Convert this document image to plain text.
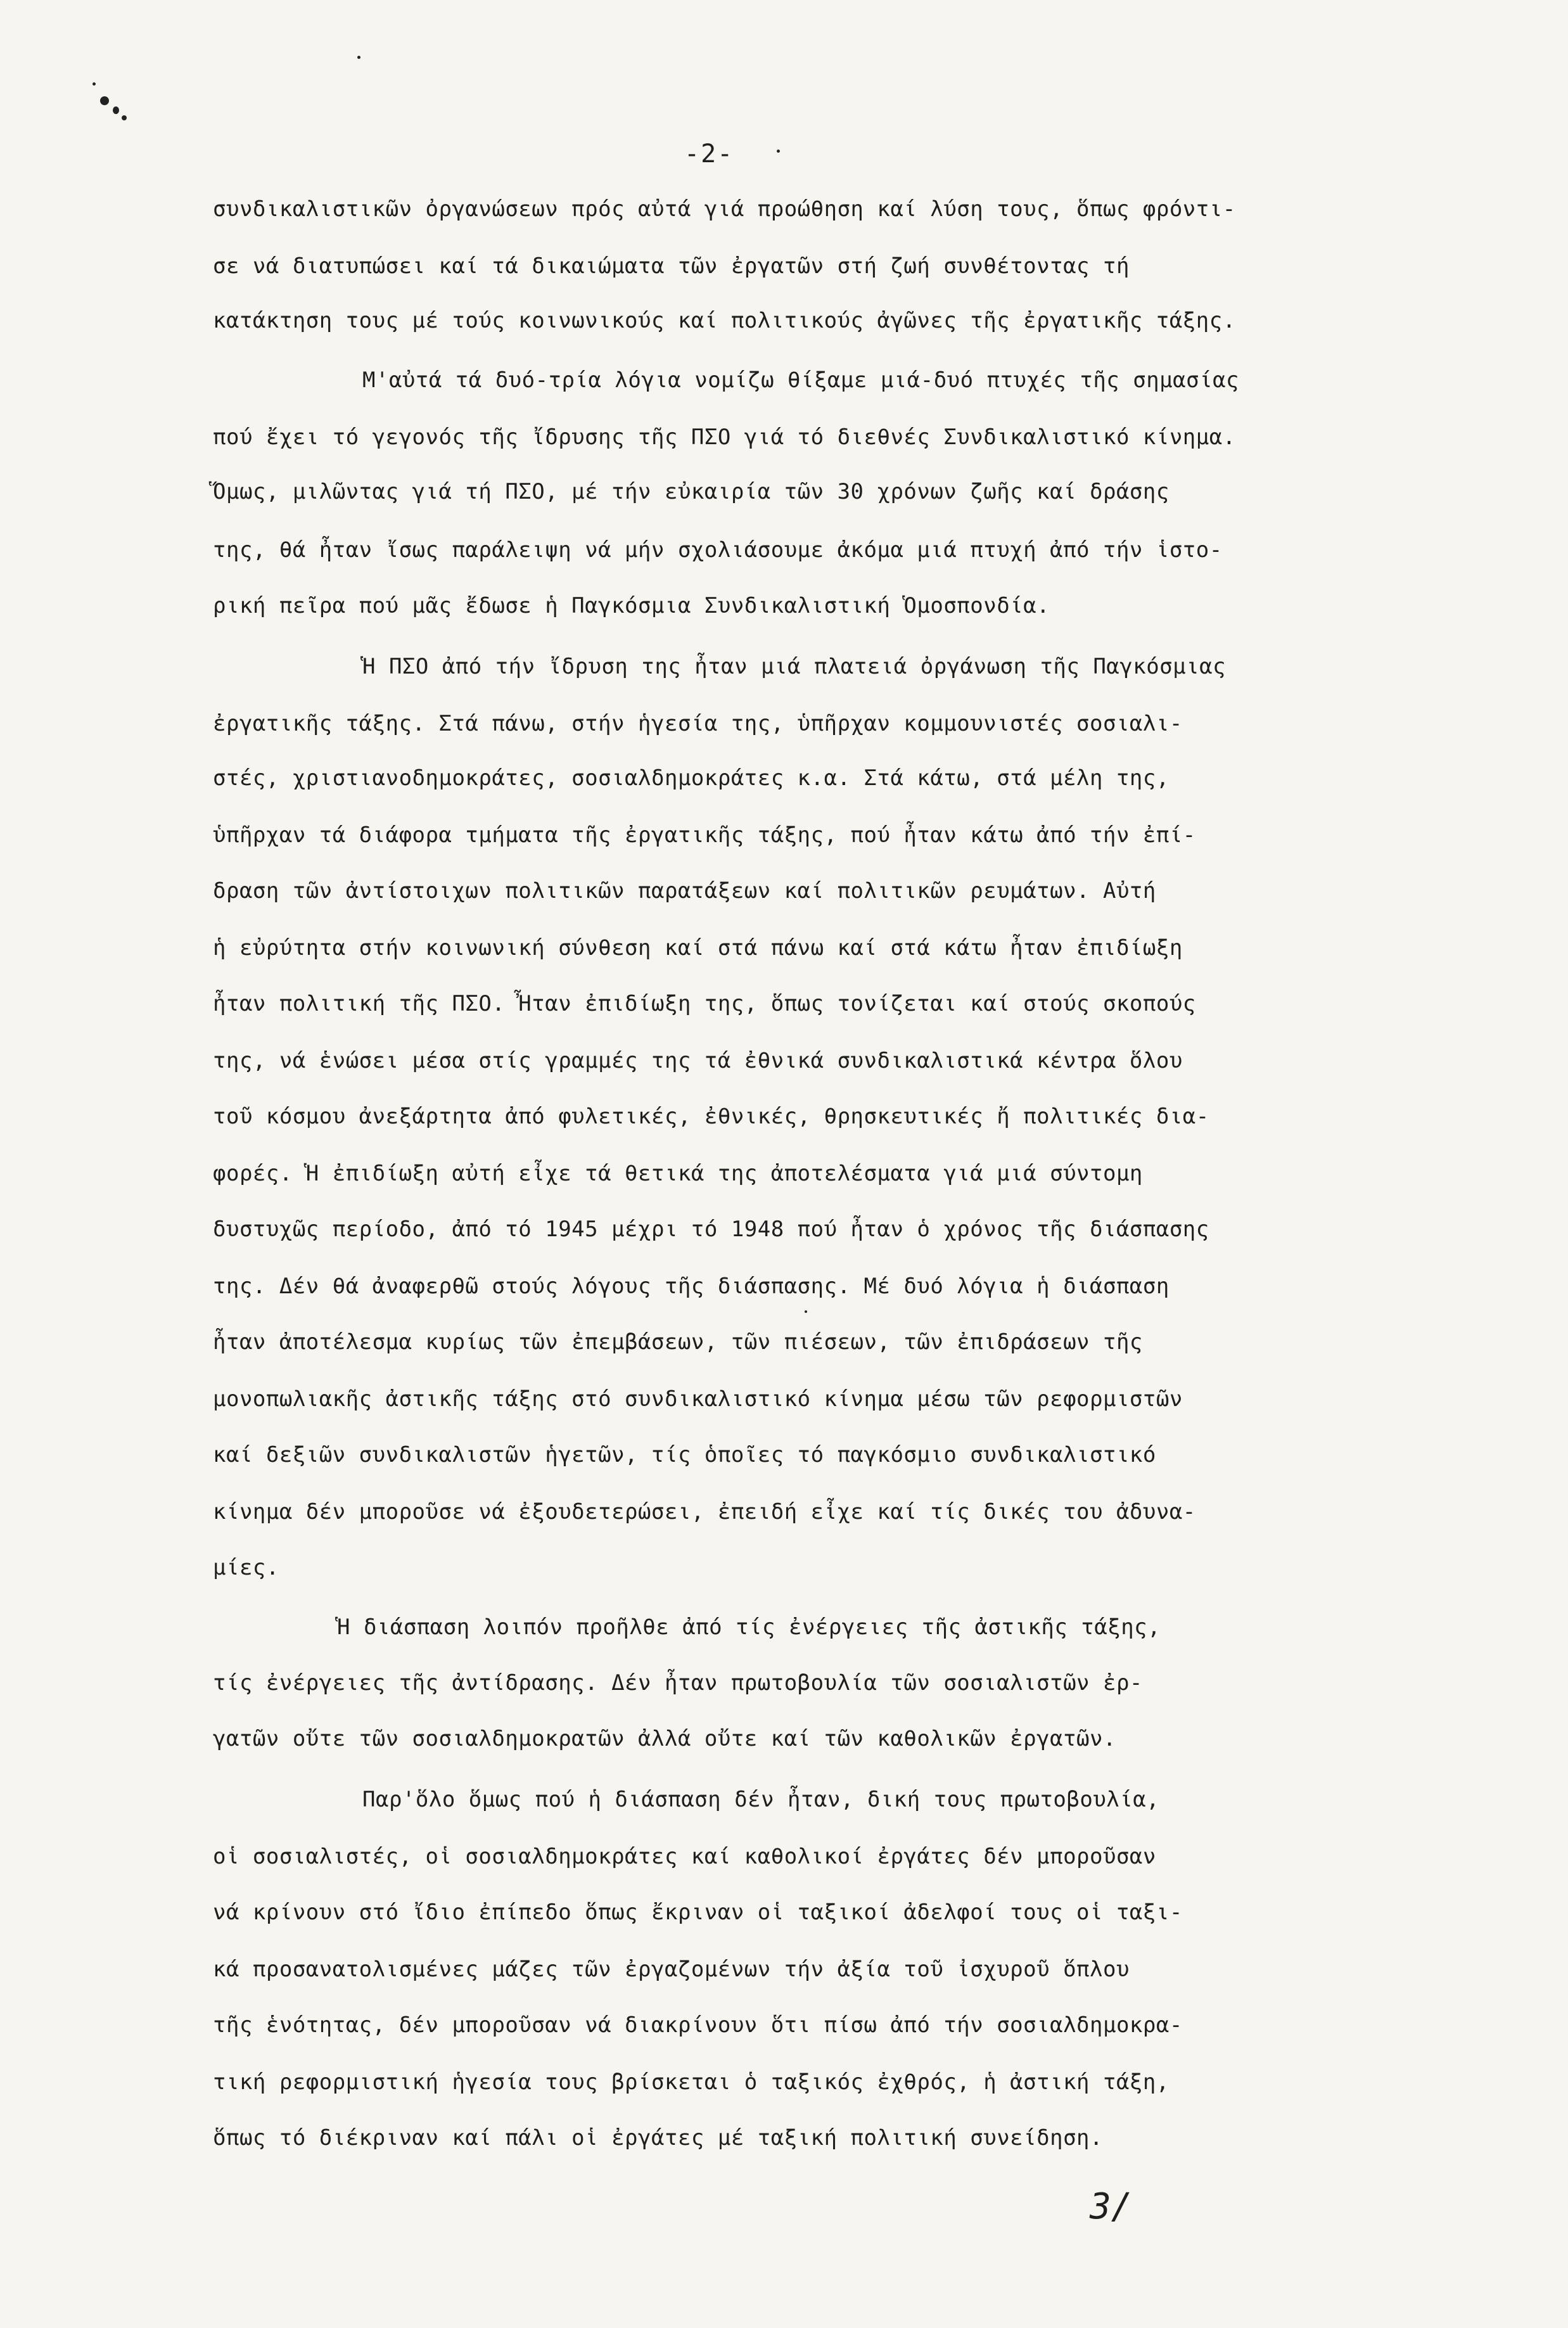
-2-
συνδικαλιστικῶν ὀργανώσεων πρός αὐτά γιά προώθηση καί λύση τους, ὅπως φρόντι-
σε νά διατυπώσει καί τά δικαιώματα τῶν ἐργατῶν στή ζωή συνθέτοντας τή
κατάκτηση τους μέ τούς κοινωνικούς καί πολιτικούς ἀγῶνες τῆς ἐργατικῆς τάξης.
Μ'αὐτά τά δυό-τρία λόγια νομίζω θίξαμε μιά-δυό πτυχές τῆς σημασίας
πού ἔχει τό γεγονός τῆς ἴδρυσης τῆς ΠΣΟ γιά τό διεθνές Συνδικαλιστικό κίνημα.
Ὅμως, μιλῶντας γιά τή ΠΣΟ, μέ τήν εὐκαιρία τῶν 30 χρόνων ζωῆς καί δράσης
της, θά ἦταν ἴσως παράλειψη νά μήν σχολιάσουμε ἀκόμα μιά πτυχή ἀπό τήν ἱστο-
ρική πεῖρα πού μᾶς ἔδωσε ἡ Παγκόσμια Συνδικαλιστική Ὁμοσπονδία.
Ἡ ΠΣΟ ἀπό τήν ἴδρυση της ἦταν μιά πλατειά ὀργάνωση τῆς Παγκόσμιας
ἐργατικῆς τάξης. Στά πάνω, στήν ἡγεσία της, ὑπῆρχαν κομμουνιστές σοσιαλι-
στές, χριστιανοδημοκράτες, σοσιαλδημοκράτες κ.α. Στά κάτω, στά μέλη της,
ὑπῆρχαν τά διάφορα τμήματα τῆς ἐργατικῆς τάξης, πού ἦταν κάτω ἀπό τήν ἐπί-
δραση τῶν ἀντίστοιχων πολιτικῶν παρατάξεων καί πολιτικῶν ρευμάτων. Αὐτή
ἡ εὐρύτητα στήν κοινωνική σύνθεση καί στά πάνω καί στά κάτω ἦταν ἐπιδίωξη
ἦταν πολιτική τῆς ΠΣΟ. Ἦταν ἐπιδίωξη της, ὅπως τονίζεται καί στούς σκοπούς
της, νά ἑνώσει μέσα στίς γραμμές της τά ἐθνικά συνδικαλιστικά κέντρα ὅλου
τοῦ κόσμου ἀνεξάρτητα ἀπό φυλετικές, ἐθνικές, θρησκευτικές ἤ πολιτικές δια-
φορές. Ἡ ἐπιδίωξη αὐτή εἶχε τά θετικά της ἀποτελέσματα γιά μιά σύντομη
δυστυχῶς περίοδο, ἀπό τό 1945 μέχρι τό 1948 πού ἦταν ὁ χρόνος τῆς διάσπασης
της. Δέν θά ἀναφερθῶ στούς λόγους τῆς διάσπασης. Μέ δυό λόγια ἡ διάσπαση
ἦταν ἀποτέλεσμα κυρίως τῶν ἐπεμβάσεων, τῶν πιέσεων, τῶν ἐπιδράσεων τῆς
μονοπωλιακῆς ἀστικῆς τάξης στό συνδικαλιστικό κίνημα μέσω τῶν ρεφορμιστῶν
καί δεξιῶν συνδικαλιστῶν ἡγετῶν, τίς ὁποῖες τό παγκόσμιο συνδικαλιστικό
κίνημα δέν μποροῦσε νά ἐξουδετερώσει, ἐπειδή εἶχε καί τίς δικές του ἀδυνα-
μίες.
Ἡ διάσπαση λοιπόν προῆλθε ἀπό τίς ἐνέργειες τῆς ἀστικῆς τάξης,
τίς ἐνέργειες τῆς ἀντίδρασης. Δέν ἦταν πρωτοβουλία τῶν σοσιαλιστῶν ἐρ-
γατῶν οὔτε τῶν σοσιαλδημοκρατῶν ἀλλά οὔτε καί τῶν καθολικῶν ἐργατῶν.
Παρ'ὅλο ὅμως πού ἡ διάσπαση δέν ἦταν, δική τους πρωτοβουλία,
οἱ σοσιαλιστές, οἱ σοσιαλδημοκράτες καί καθολικοί ἐργάτες δέν μποροῦσαν
νά κρίνουν στό ἴδιο ἐπίπεδο ὅπως ἔκριναν οἱ ταξικοί ἀδελφοί τους οἱ ταξι-
κά προσανατολισμένες μάζες τῶν ἐργαζομένων τήν ἀξία τοῦ ἰσχυροῦ ὅπλου
τῆς ἑνότητας, δέν μποροῦσαν νά διακρίνουν ὅτι πίσω ἀπό τήν σοσιαλδημοκρα-
τική ρεφορμιστική ἡγεσία τους βρίσκεται ὁ ταξικός ἐχθρός, ἡ ἀστική τάξη,
ὅπως τό διέκριναν καί πάλι οἱ ἐργάτες μέ ταξική πολιτική συνείδηση.
3/
